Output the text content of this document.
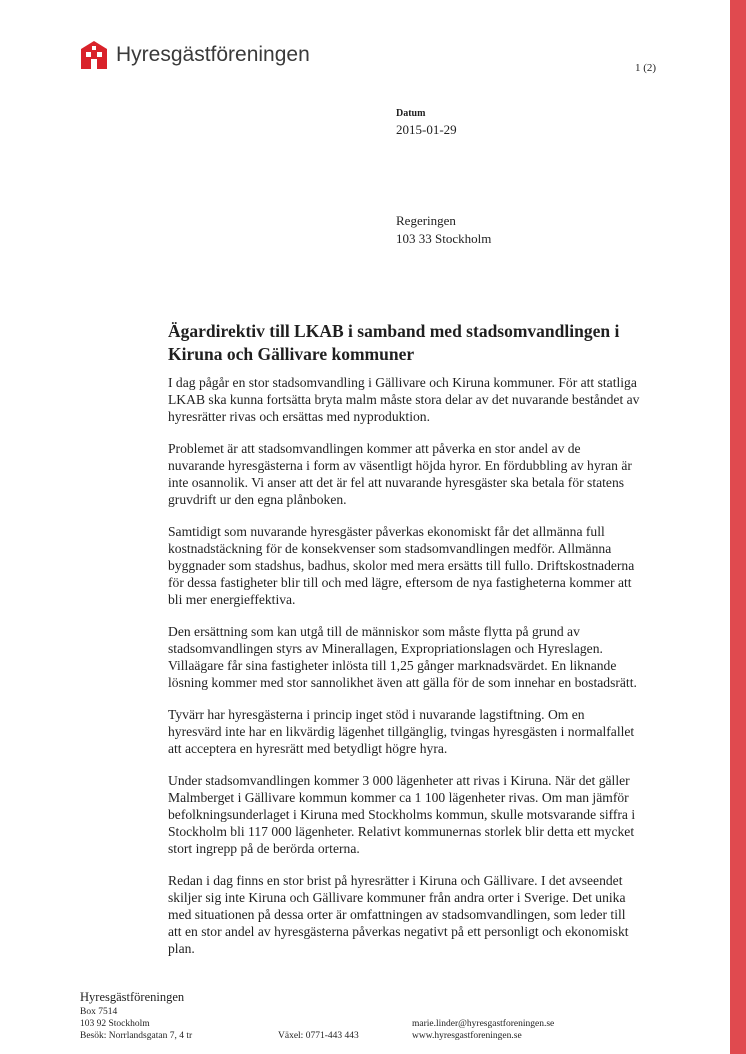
Hyresgästföreningen
1 (2)
Datum
2015-01-29
Regeringen
103 33 Stockholm
Ägardirektiv till LKAB i samband med stadsomvandlingen i Kiruna och Gällivare kommuner

I dag pågår en stor stadsomvandling i Gällivare och Kiruna kommuner. För att statliga LKAB ska kunna fortsätta bryta malm måste stora delar av det nuvarande beståndet av hyresrätter rivas och ersättas med nyproduktion.

Problemet är att stadsomvandlingen kommer att påverka en stor andel av de nuvarande hyresgästerna i form av väsentligt höjda hyror. En fördubbling av hyran är inte osannolik. Vi anser att det är fel att nuvarande hyresgäster ska betala för statens gruvdrift ur den egna plånboken.

Samtidigt som nuvarande hyresgäster påverkas ekonomiskt får det allmänna full kostnadstäckning för de konsekvenser som stadsomvandlingen medför. Allmänna byggnader som stadshus, badhus, skolor med mera ersätts till fullo. Driftskostnaderna för dessa fastigheter blir till och med lägre, eftersom de nya fastigheterna kommer att bli mer energieffektiva.

Den ersättning som kan utgå till de människor som måste flytta på grund av stadsomvandlingen styrs av Minerallagen, Expropriationslagen och Hyreslagen. Villaägare får sina fastigheter inlösta till 1,25 gånger marknadsvärdet. En liknande lösning kommer med stor sannolikhet även att gälla för de som innehar en bostadsrätt.

Tyvärr har hyresgästerna i princip inget stöd i nuvarande lagstiftning. Om en hyresvärd inte har en likvärdig lägenhet tillgänglig, tvingas hyresgästen i normalfallet att acceptera en hyresrätt med betydligt högre hyra.

Under stadsomvandlingen kommer 3 000 lägenheter att rivas i Kiruna. När det gäller Malmberget i Gällivare kommun kommer ca 1 100 lägenheter rivas. Om man jämför befolkningsunderlaget i Kiruna med Stockholms kommun, skulle motsvarande siffra i Stockholm bli 117 000 lägenheter. Relativt kommunernas storlek blir detta ett mycket stort ingrepp på de berörda orterna.

Redan i dag finns en stor brist på hyresrätter i Kiruna och Gällivare. I det avseendet skiljer sig inte Kiruna och Gällivare kommuner från andra orter i Sverige. Det unika med situationen på dessa orter är omfattningen av stadsomvandlingen, som leder till att en stor andel av hyresgästerna påverkas negativt på ett personligt och ekonomiskt plan.

Hyresgästföreningen
Box 7514
103 92 Stockholm
Besök: Norrlandsgatan 7, 4 tr	Växel: 0771-443 443
marie.linder@hyresgastforeningen.se
www.hyresgastforeningen.se
